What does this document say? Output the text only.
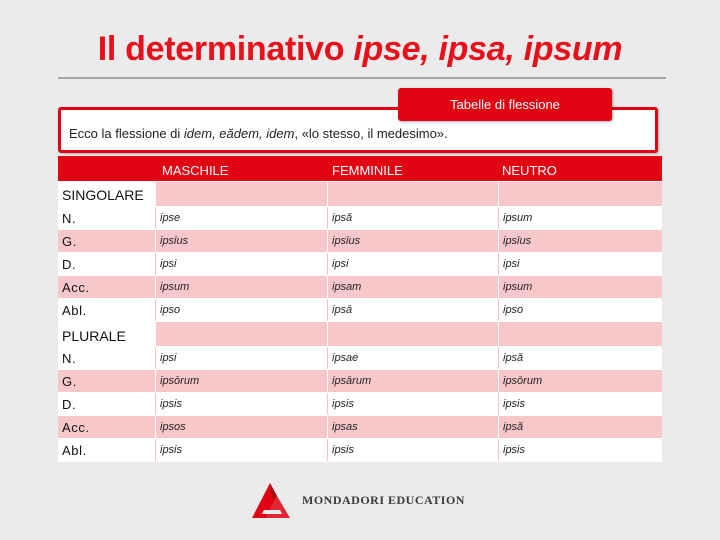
Il determinativo ipse, ipsa, ipsum
Tabelle di flessione
Ecco la flessione di idem, eădem, idem, «lo stesso, il medesimo».
MASCHILE	FEMMINILE	NEUTRO
SINGOLARE
N.	ipse	ipsă	ipsum
G.	ipsīus	ipsīus	ipsīus
D.	ipsi	ipsi	ipsi
Acc.	ipsum	ipsam	ipsum
Abl.	ipso	ipsā	ipso
PLURALE
N.	ipsi	ipsae	ipsă
G.	ipsōrum	ipsārum	ipsōrum
D.	ipsis	ipsis	ipsis
Acc.	ipsos	ipsas	ipsă
Abl.	ipsis	ipsis	ipsis
MONDADORI EDUCATION
